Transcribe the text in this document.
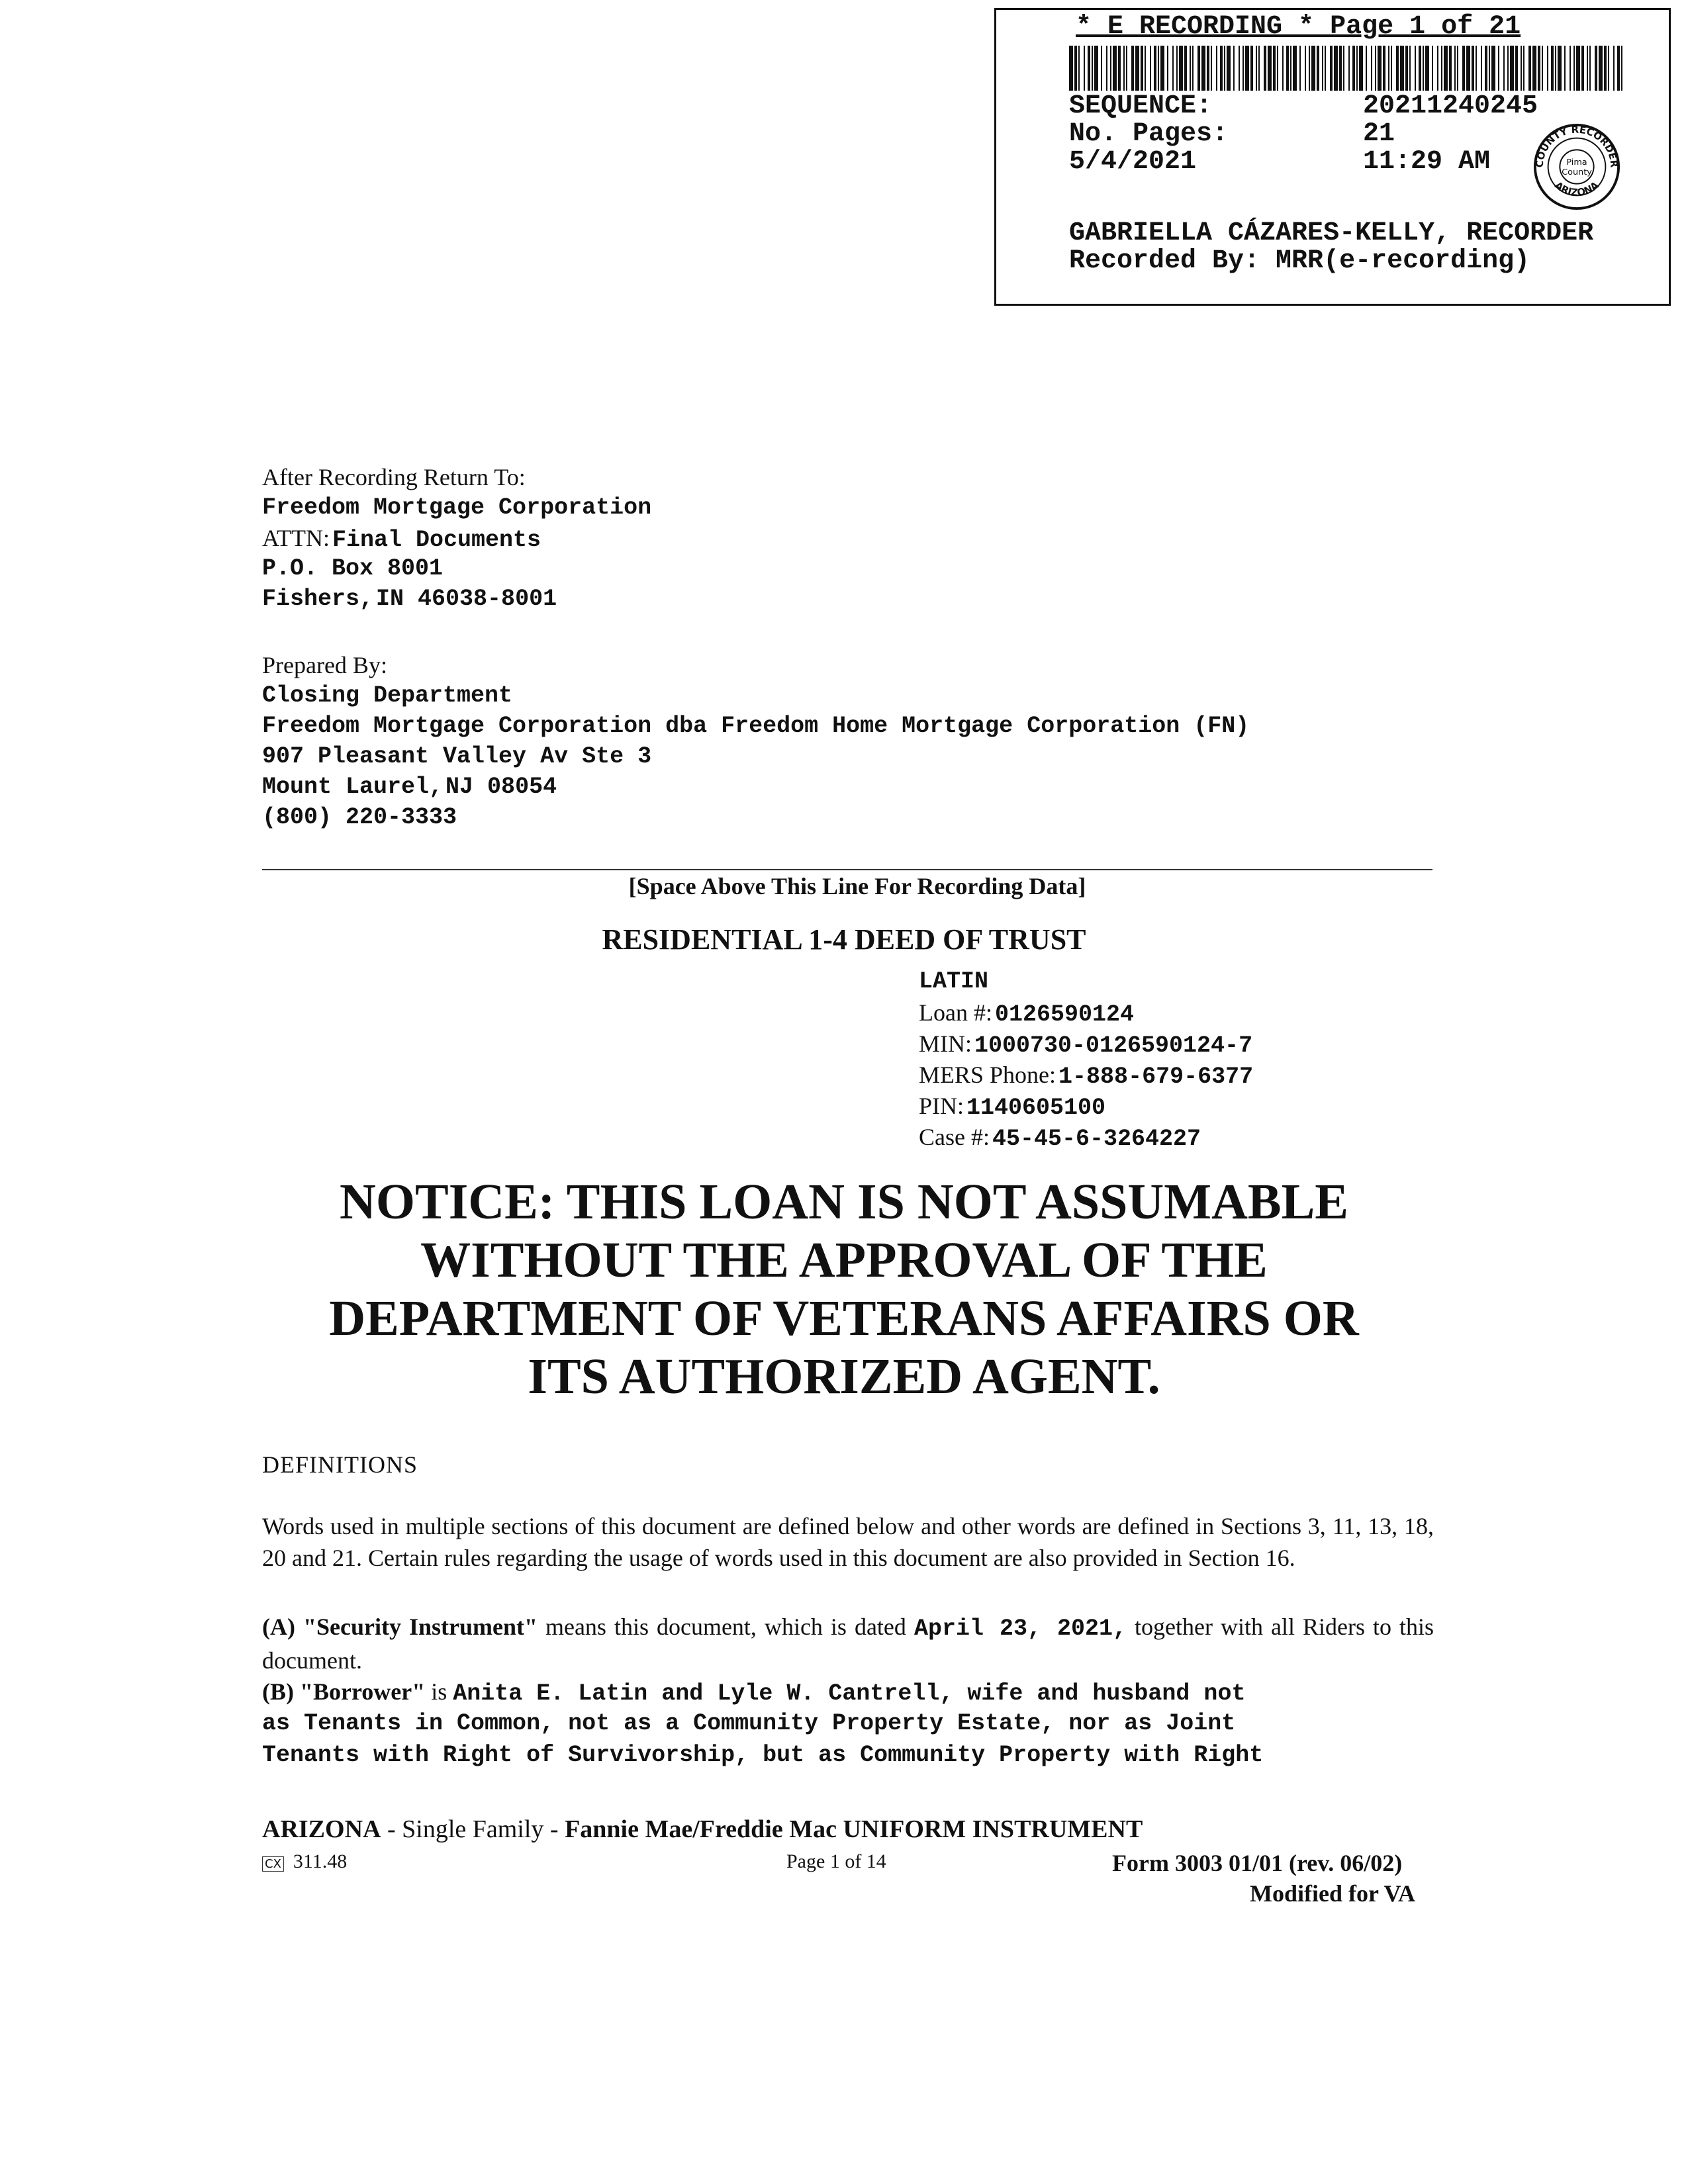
* E RECORDING * Page 1 of 21
SEQUENCE:	20211240245
No. Pages:	21
5/4/2021	11:29 AM	COUNTY RECORDER
ARIZONA
Pima
County
GABRIELLA CÁZARES-KELLY, RECORDER
Recorded By: MRR(e-recording)
After Recording Return To:
Freedom Mortgage Corporation
ATTN: Final Documents
P.O. Box 8001
Fishers, IN 46038-8001
Prepared By:
Closing Department
Freedom Mortgage Corporation dba Freedom Home Mortgage Corporation (FN)
907 Pleasant Valley Av Ste 3
Mount Laurel, NJ 08054
(800) 220-3333
[Space Above This Line For Recording Data]
RESIDENTIAL 1-4 DEED OF TRUST
LATIN
Loan #: 0126590124
MIN: 1000730-0126590124-7
MERS Phone: 1-888-679-6377
PIN: 1140605100
Case #: 45-45-6-3264227
NOTICE: THIS LOAN IS NOT ASSUMABLE
WITHOUT THE APPROVAL OF THE
DEPARTMENT OF VETERANS AFFAIRS OR
ITS AUTHORIZED AGENT.
DEFINITIONS
Words used in multiple sections of this document are defined below and other words are defined in Sections 3, 11, 13, 18, 20 and 21. Certain rules regarding the usage of words used in this document are also provided in Section 16.
(A) "Security Instrument" means this document, which is dated April 23, 2021, together with all Riders to this document.
(B) "Borrower" is Anita E. Latin and Lyle W. Cantrell, wife and husband not
as Tenants in Common, not as a Community Property Estate, nor as Joint
Tenants with Right of Survivorship, but as Community Property with Right
ARIZONA - Single Family - Fannie Mae/Freddie Mac UNIFORM INSTRUMENT
CX 311.48	Page 1 of 14	Form 3003 01/01 (rev. 06/02)
Modified for VA
